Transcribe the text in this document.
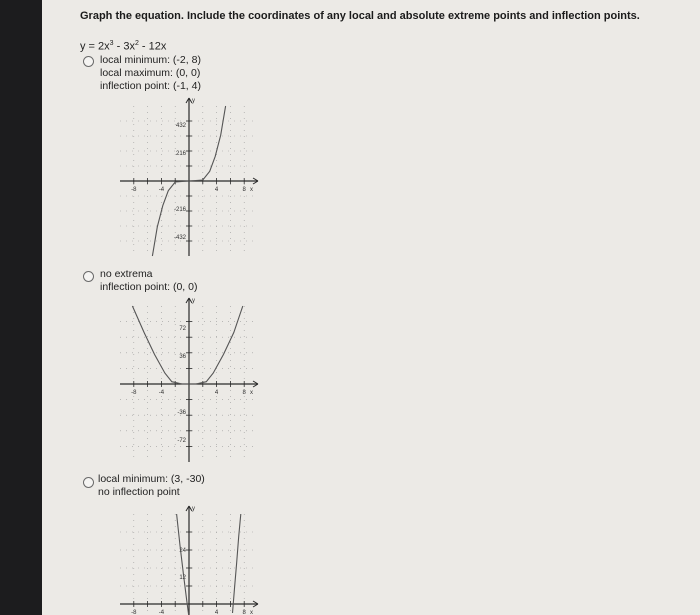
Graph the equation. Include the coordinates of any local and absolute extreme points and inflection points.
$y = 2x^3 - 3x^2 - 12x$
local minimum: (-2, 8)
local maximum: (0, 0)
inflection point: (-1, 4)
-8	-4	4	8
432
216
-216
-432
x
y
no extrema
inflection point: (0, 0)
-8	-4	4	8
72
36
-36
-72
x
y
local minimum: (3, -30)
no inflection point
-8	-4	4	8
24
12
x
y
